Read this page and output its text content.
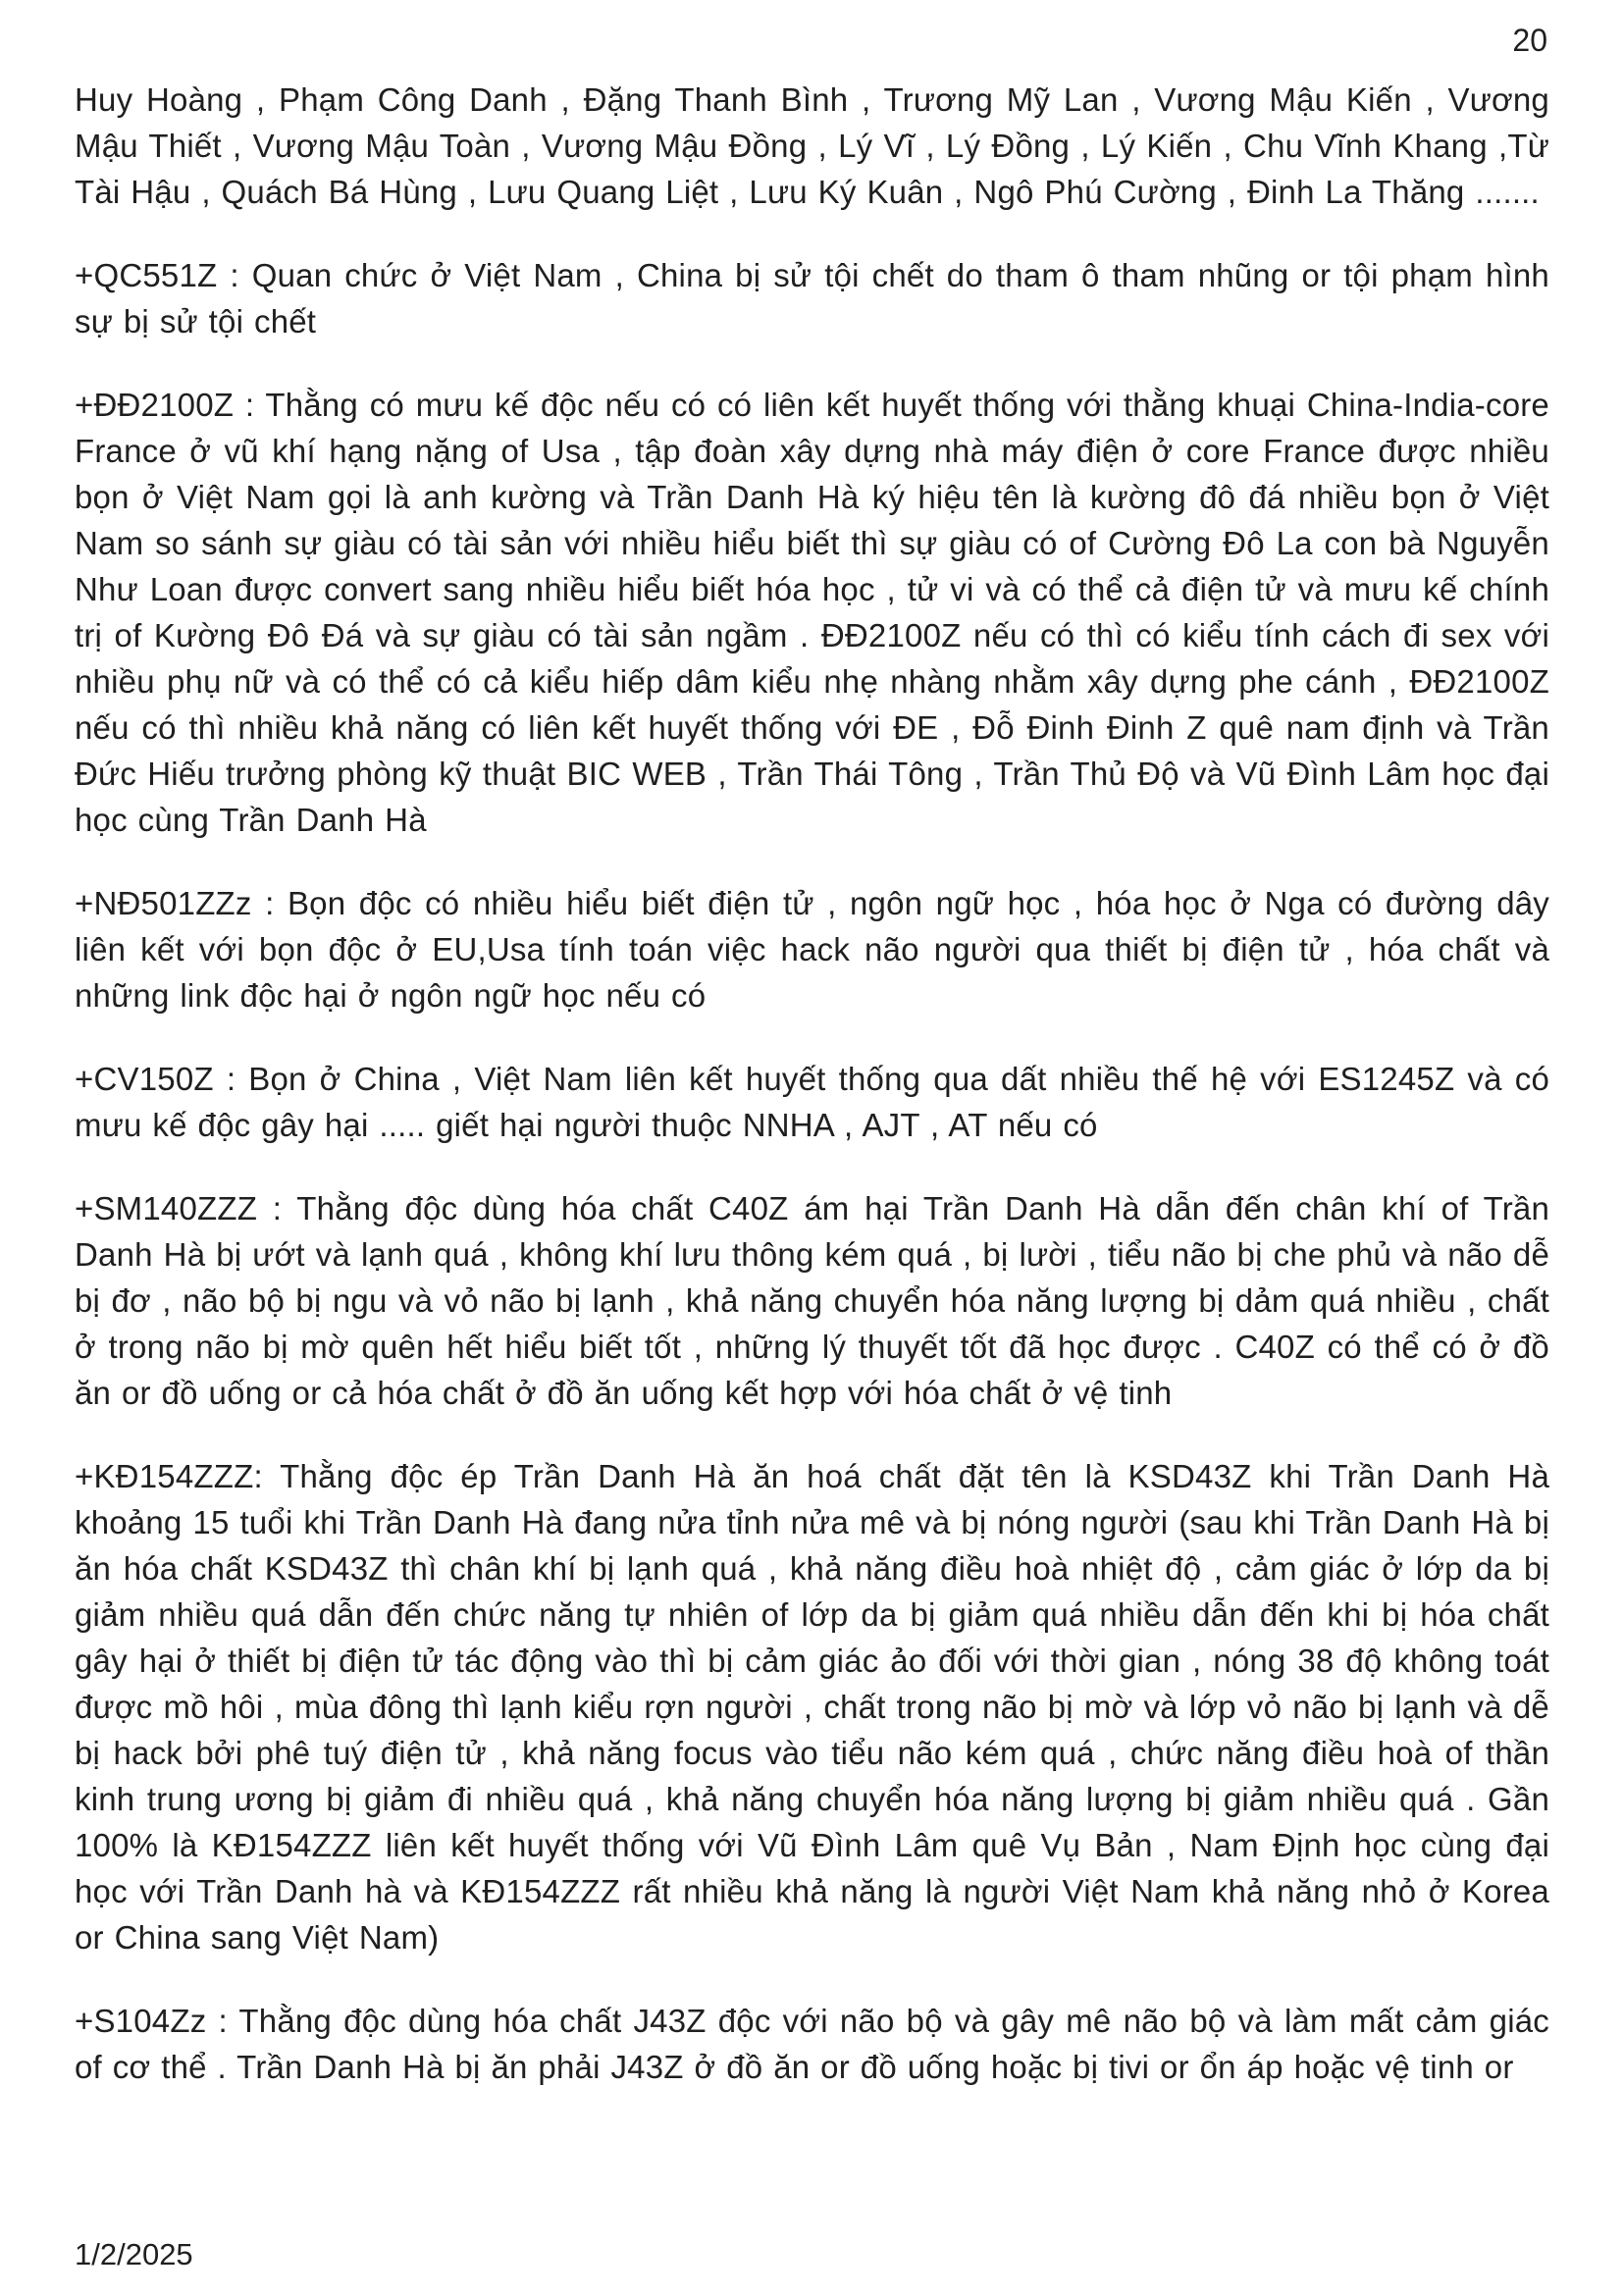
20

Huy Hoàng , Phạm Công Danh , Đặng Thanh Bình , Trương Mỹ Lan , Vương Mậu Kiến , Vương Mậu Thiết , Vương Mậu Toàn , Vương Mậu Đồng , Lý Vĩ , Lý Đồng , Lý Kiến , Chu Vĩnh Khang ,Từ Tài Hậu , Quách Bá Hùng , Lưu Quang Liệt , Lưu Ký Kuân , Ngô Phú Cường , Đinh La Thăng .......

+QC551Z : Quan chức ở Việt Nam , China bị sử tội chết do tham ô tham nhũng or tội phạm hình sự bị sử tội chết

+ĐĐ2100Z : Thằng có mưu kế độc nếu có có liên kết huyết thống với thằng khuại China-India-core France ở vũ khí hạng nặng of Usa , tập đoàn xây dựng nhà máy điện ở core France được nhiều bọn ở Việt Nam gọi là anh kường và Trần Danh Hà ký hiệu tên là kường đô đá nhiều bọn ở Việt Nam so sánh sự giàu có tài sản với nhiều hiểu biết thì sự giàu có of Cường Đô La con bà Nguyễn Như Loan được convert sang nhiều hiểu biết hóa học , tử vi và có thể cả điện tử và mưu kế chính trị of Kường Đô Đá và sự giàu có tài sản ngầm . ĐĐ2100Z nếu có thì có kiểu tính cách đi sex với nhiều phụ nữ và có thể có cả kiểu hiếp dâm kiểu nhẹ nhàng nhằm xây dựng phe cánh , ĐĐ2100Z nếu có thì nhiều khả năng có liên kết huyết thống với ĐE , Đỗ Đinh Đinh Z quê nam định và Trần Đức Hiếu trưởng phòng kỹ thuật BIC WEB , Trần Thái Tông , Trần Thủ Độ và Vũ Đình Lâm học đại học cùng Trần Danh Hà

+NĐ501ZZz : Bọn độc có nhiều hiểu biết điện tử , ngôn ngữ học , hóa học ở Nga có đường dây liên kết với bọn độc ở EU,Usa tính toán việc hack não người qua thiết bị điện tử , hóa chất và những link độc hại ở ngôn ngữ học nếu có

+CV150Z : Bọn ở China , Việt Nam liên kết huyết thống qua dất nhiều thế hệ với ES1245Z và có mưu kế độc gây hại ..... giết hại người thuộc NNHA , AJT , AT nếu có

+SM140ZZZ : Thằng độc dùng hóa chất C40Z ám hại Trần Danh Hà dẫn đến chân khí of Trần Danh Hà bị ướt và lạnh quá , không khí lưu thông kém quá , bị lười , tiểu não bị che phủ và não dễ bị đơ , não bộ bị ngu và vỏ não bị lạnh , khả năng chuyển hóa năng lượng bị dảm quá nhiều , chất ở trong não bị mờ quên hết hiểu biết tốt , những lý thuyết tốt đã học được . C40Z có thể có ở đồ ăn or đồ uống or cả hóa chất ở đồ ăn uống kết hợp với hóa chất ở vệ tinh

+KĐ154ZZZ: Thằng độc ép Trần Danh Hà ăn hoá chất đặt tên là KSD43Z khi Trần Danh Hà khoảng 15 tuổi khi Trần Danh Hà đang nửa tỉnh nửa mê và bị nóng người (sau khi Trần Danh Hà bị ăn hóa chất KSD43Z thì chân khí bị lạnh quá , khả năng điều hoà nhiệt độ , cảm giác ở lớp da bị giảm nhiều quá dẫn đến chức năng tự nhiên of lớp da bị giảm quá nhiều dẫn đến khi bị hóa chất gây hại ở thiết bị điện tử tác động vào thì bị cảm giác ảo đối với thời gian , nóng 38 độ không toát được mồ hôi , mùa đông thì lạnh kiểu rợn người , chất trong não bị mờ và lớp vỏ não bị lạnh và dễ bị hack bởi phê tuý điện tử , khả năng focus vào tiểu não kém quá , chức năng điều hoà of thần kinh trung ương bị giảm đi nhiều quá , khả năng chuyển hóa năng lượng bị giảm nhiều quá . Gần 100% là KĐ154ZZZ liên kết huyết thống với Vũ Đình Lâm quê Vụ Bản , Nam Định học cùng đại học với Trần Danh hà và KĐ154ZZZ rất nhiều khả năng là người Việt Nam khả năng nhỏ ở Korea or China sang Việt Nam)

+S104Zz : Thằng độc dùng hóa chất J43Z độc với não bộ và gây mê não bộ và làm mất cảm giác of cơ thể . Trần Danh Hà bị ăn phải J43Z ở đồ ăn or đồ uống hoặc bị tivi or ổn áp hoặc vệ tinh or

1/2/2025
